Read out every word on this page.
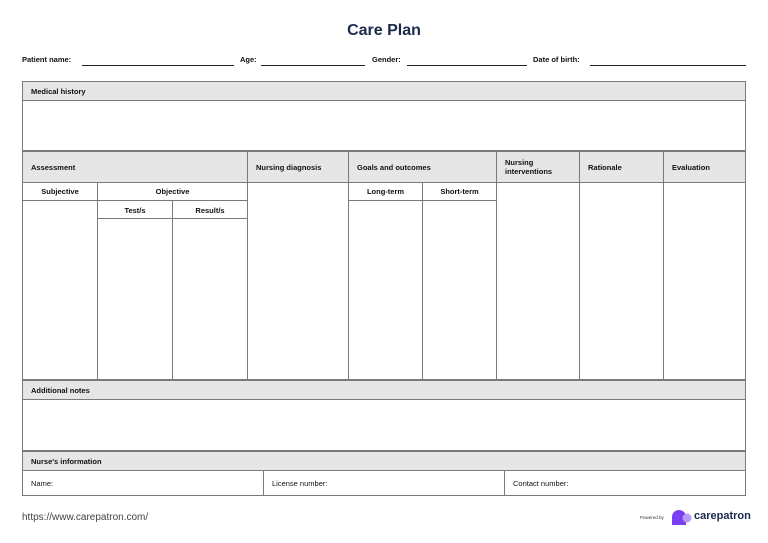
Care Plan
Patient name:	Age:	Gender:	Date of birth:
Medical history
Assessment	Nursing diagnosis	Goals and outcomes	Nursing interventions	Rationale	Evaluation
Subjective	Objective
Test/s	Result/s
Long-term	Short-term
Additional notes
Nurse's information
Name:	License number:	Contact number:
https://www.carepatron.com/	Powered by	carepatron
